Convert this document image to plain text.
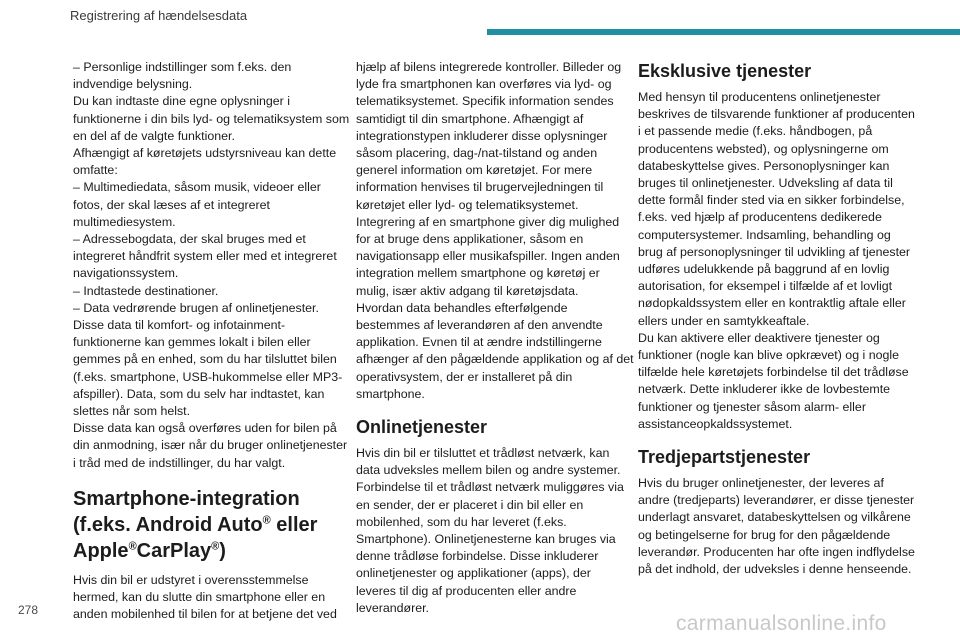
Registrering af hændelsesdata

– Personlige indstillinger som f.eks. den indvendige belysning.

Du kan indtaste dine egne oplysninger i funktionerne i din bils lyd- og telematiksystem som en del af de valgte funktioner.

Afhængigt af køretøjets udstyrsniveau kan dette omfatte:

– Multimediedata, såsom musik, videoer eller fotos, der skal læses af et integreret multimediesystem.

– Adressebogdata, der skal bruges med et integreret håndfrit system eller med et integreret navigationssystem.

– Indtastede destinationer.

– Data vedrørende brugen af onlinetjenester.

Disse data til komfort- og infotainment-funktionerne kan gemmes lokalt i bilen eller gemmes på en enhed, som du har tilsluttet bilen (f.eks. smartphone, USB-hukommelse eller MP3-afspiller). Data, som du selv har indtastet, kan slettes når som helst.

Disse data kan også overføres uden for bilen på din anmodning, især når du bruger onlinetjenester i tråd med de indstillinger, du har valgt.

Smartphone-integration (f.eks. Android Auto® eller Apple®CarPlay®)

Hvis din bil er udstyret i overensstemmelse hermed, kan du slutte din smartphone eller en anden mobilenhed til bilen for at betjene det ved

hjælp af bilens integrerede kontroller. Billeder og lyde fra smartphonen kan overføres via lyd- og telematiksystemet. Specifik information sendes samtidigt til din smartphone. Afhængigt af integrationstypen inkluderer disse oplysninger såsom placering, dag-/nat-tilstand og anden generel information om køretøjet. For mere information henvises til brugervejledningen til køretøjet eller lyd- og telematiksystemet.

Integrering af en smartphone giver dig mulighed for at bruge dens applikationer, såsom en navigationsapp eller musikafspiller. Ingen anden integration mellem smartphone og køretøj er mulig, især aktiv adgang til køretøjsdata.

Hvordan data behandles efterfølgende bestemmes af leverandøren af den anvendte applikation. Evnen til at ændre indstillingerne afhænger af den pågældende applikation og af det operativsystem, der er installeret på din smartphone.

Onlinetjenester

Hvis din bil er tilsluttet et trådløst netværk, kan data udveksles mellem bilen og andre systemer. Forbindelse til et trådløst netværk muliggøres via en sender, der er placeret i din bil eller en mobilenhed, som du har leveret (f.eks. Smartphone). Onlinetjenesterne kan bruges via denne trådløse forbindelse. Disse inkluderer onlinetjenester og applikationer (apps), der leveres til dig af producenten eller andre leverandører.

Eksklusive tjenester

Med hensyn til producentens onlinetjenester beskrives de tilsvarende funktioner af producenten i et passende medie (f.eks. håndbogen, på producentens websted), og oplysningerne om databeskyttelse gives. Personoplysninger kan bruges til onlinetjenester. Udveksling af data til dette formål finder sted via en sikker forbindelse, f.eks. ved hjælp af producentens dedikerede computersystemer. Indsamling, behandling og brug af personoplysninger til udvikling af tjenester udføres udelukkende på baggrund af en lovlig autorisation, for eksempel i tilfælde af et lovligt nødopkaldssystem eller en kontraktlig aftale eller ellers under en samtykkeaftale.

Du kan aktivere eller deaktivere tjenester og funktioner (nogle kan blive opkrævet) og i nogle tilfælde hele køretøjets forbindelse til det trådløse netværk. Dette inkluderer ikke de lovbestemte funktioner og tjenester såsom alarm- eller assistanceopkaldssystemet.

Tredjepartstjenester

Hvis du bruger onlinetjenester, der leveres af andre (tredjeparts) leverandører, er disse tjenester underlagt ansvaret, databeskyttelsen og vilkårene og betingelserne for brug for den pågældende leverandør. Producenten har ofte ingen indflydelse på det indhold, der udveksles i denne henseende.

278
carmanualsonline.info
